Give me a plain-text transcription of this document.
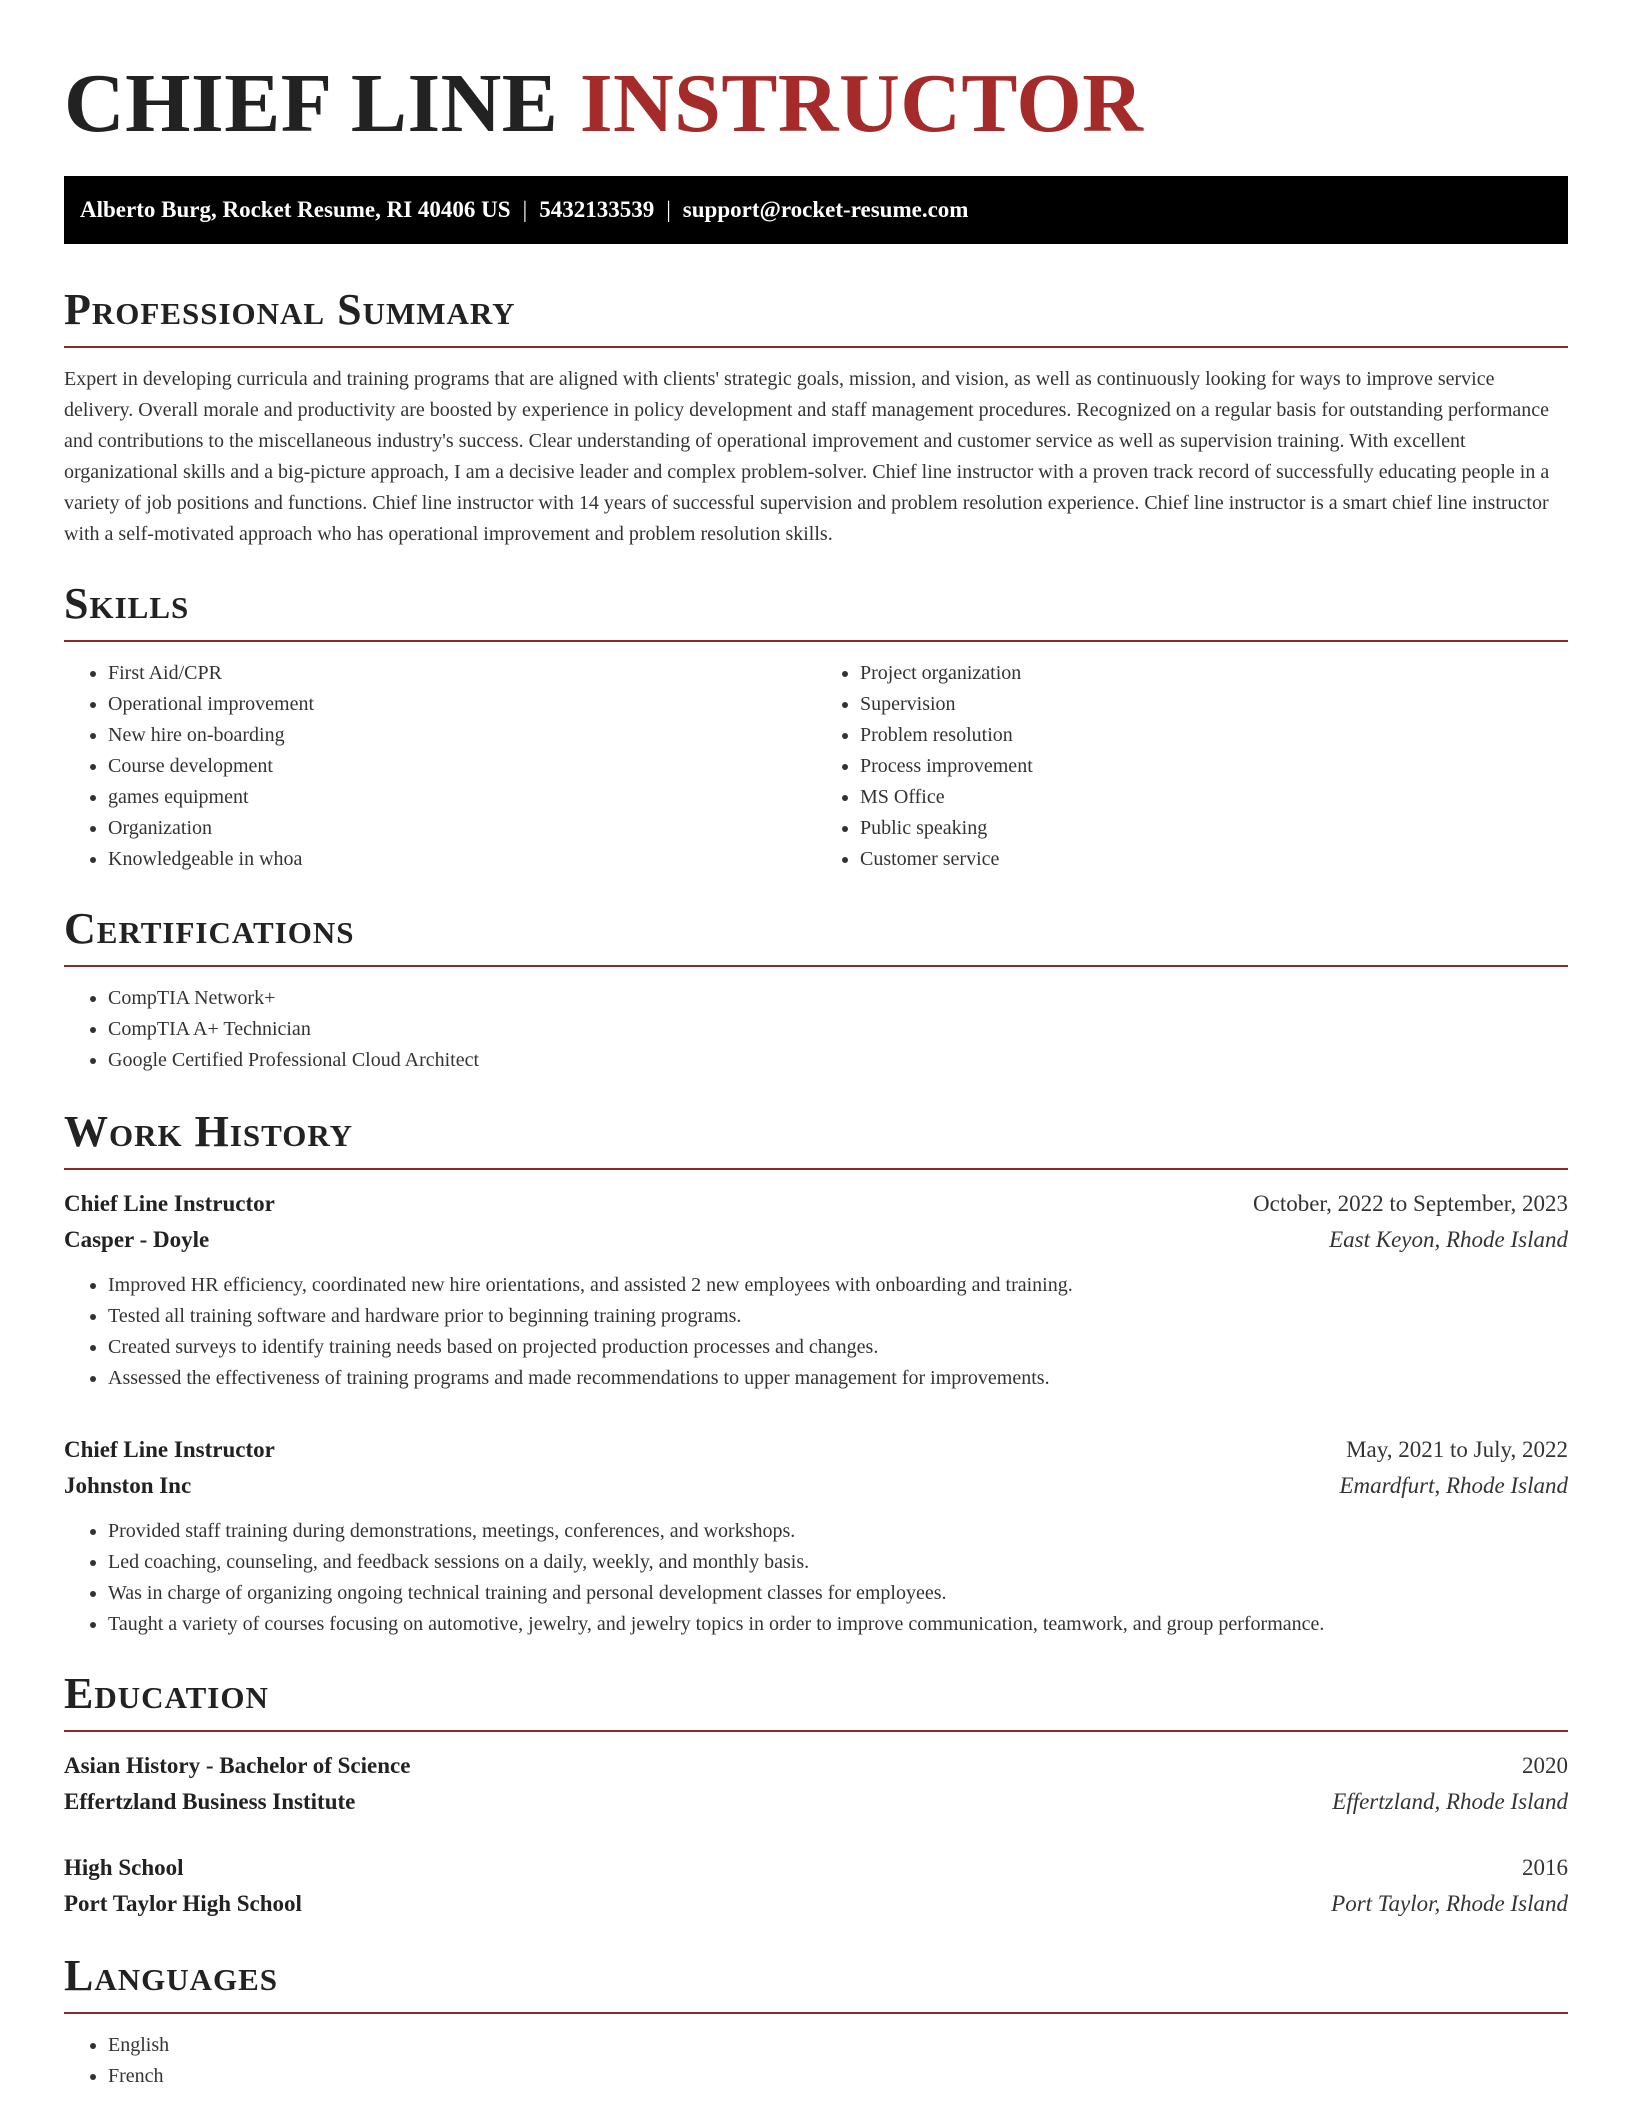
CHIEF LINE INSTRUCTOR
Alberto Burg, Rocket Resume, RI 40406 US | 5432133539 | support@rocket-resume.com
Professional Summary

Expert in developing curricula and training programs that are aligned with clients' strategic goals, mission, and vision, as well as continuously looking for ways to improve service delivery. Overall morale and productivity are boosted by experience in policy development and staff management procedures. Recognized on a regular basis for outstanding performance and contributions to the miscellaneous industry's success. Clear understanding of operational improvement and customer service as well as supervision training. With excellent organizational skills and a big-picture approach, I am a decisive leader and complex problem-solver. Chief line instructor with a proven track record of successfully educating people in a variety of job positions and functions. Chief line instructor with 14 years of successful supervision and problem resolution experience. Chief line instructor is a smart chief line instructor with a self-motivated approach who has operational improvement and problem resolution skills.

Skills
• First Aid/CPR
• Operational improvement
• New hire on-boarding
• Course development
• games equipment
• Organization
• Knowledgeable in whoa
• Project organization
• Supervision
• Problem resolution
• Process improvement
• MS Office
• Public speaking
• Customer service
Certifications
• CompTIA Network+
• CompTIA A+ Technician
• Google Certified Professional Cloud Architect
Work History
Chief Line Instructor	October, 2022 to September, 2023
Casper - Doyle	East Keyon, Rhode Island
• Improved HR efficiency, coordinated new hire orientations, and assisted 2 new employees with onboarding and training.
• Tested all training software and hardware prior to beginning training programs.
• Created surveys to identify training needs based on projected production processes and changes.
• Assessed the effectiveness of training programs and made recommendations to upper management for improvements.
Chief Line Instructor	May, 2021 to July, 2022
Johnston Inc	Emardfurt, Rhode Island
• Provided staff training during demonstrations, meetings, conferences, and workshops.
• Led coaching, counseling, and feedback sessions on a daily, weekly, and monthly basis.
• Was in charge of organizing ongoing technical training and personal development classes for employees.
• Taught a variety of courses focusing on automotive, jewelry, and jewelry topics in order to improve communication, teamwork, and group performance.
Education
Asian History - Bachelor of Science	2020
Effertzland Business Institute	Effertzland, Rhode Island
High School	2016
Port Taylor High School	Port Taylor, Rhode Island
Languages
• English
• French
